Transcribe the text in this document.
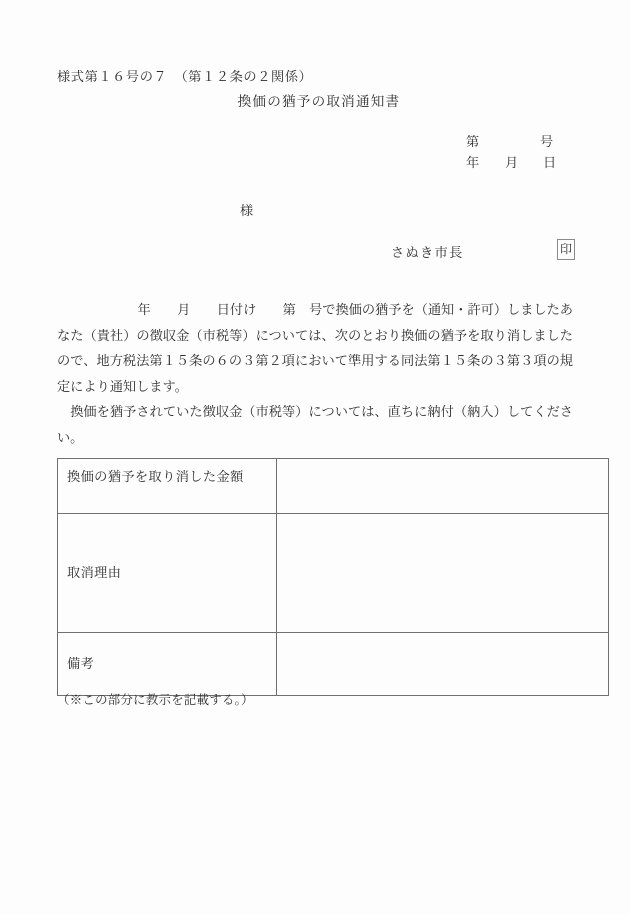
様式第１６号の７　（第１２条の２関係）
換価の猶予の取消通知書
第	号
年 月 日
様
さぬき市長	印

年　　月　　日付け　　第　号で換価の猶予を（通知・許可）しましたあなた（貴社）の徴収金（市税等）については、次のとおり換価の猶予を取り消しましたので、地方税法第１５条の６の３第２項において準用する同法第１５条の３第３項の規定により通知します。

換価を猶予されていた徴収金（市税等）については、直ちに納付（納入）してください。

換価の猶予を取り消した金額	
取消理由	
備考	
（※この部分に教示を記載する。）
